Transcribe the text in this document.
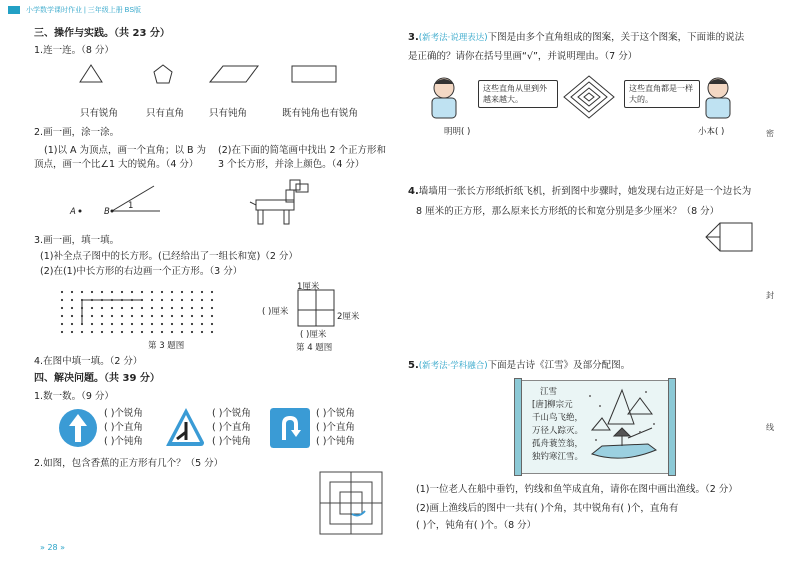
小学数学课时作业 | 三年级上册 BS版
密
封
线
三、操作与实践。（共 23 分）
1.连一连。（8 分）
只有锐角	只有直角	只有钝角	既有钝角也有锐角
2.画一画，涂一涂。
(1)以 A 为顶点，画一个直角；以 B 为
顶点，画一个比∠1 大的锐角。（4 分）
(2)在下面的简笔画中找出 2 个正方形和
3 个长方形，并涂上颜色。（4 分）
A	B
1
3.画一画，填一填。
(1)补全点子图中的长方形。(已经给出了一组长和宽)（2 分）
(2)在(1)中长方形的右边画一个正方形。（3 分）
第 3 题图
1厘米
( )厘米	2厘米
( )厘米
第 4 题图
4.在图中填一填。（2 分）
四、解决问题。（共 39 分）
1.数一数。（9 分）
( )个锐角
( )个直角
( )个钝角
( )个锐角
( )个直角
( )个钝角
( )个锐角
( )个直角
( )个钝角
2.如图，包含香蕉的正方形有几个？（5 分）
3.(新考法·说理表达)下图是由多个直角组成的图案，关于这个图案，下面谁的说法
是正确的？请你在括号里画“√”，并说明理由。（7 分）
这些直角从里到外越来越大。
这些直角都是一样大的。
明明( )	小本( )
4.墙墙用一张长方形纸折纸飞机，折到图中步骤时，她发现右边正好是一个边长为
8 厘米的正方形，那么原来长方形纸的长和宽分别是多少厘米？（8 分）
5.(新考法·学科融合)下面是古诗《江雪》及部分配图。
江雪
[唐]柳宗元
千山鸟飞绝，
万径人踪灭。
孤舟蓑笠翁，
独钓寒江雪。
(1)一位老人在船中垂钓，钓线和鱼竿成直角，请你在图中画出渔线。（2 分）
(2)画上渔线后的图中一共有( )个角，其中锐角有( )个，直角有
( )个，钝角有( )个。（8 分）
» 28 »
